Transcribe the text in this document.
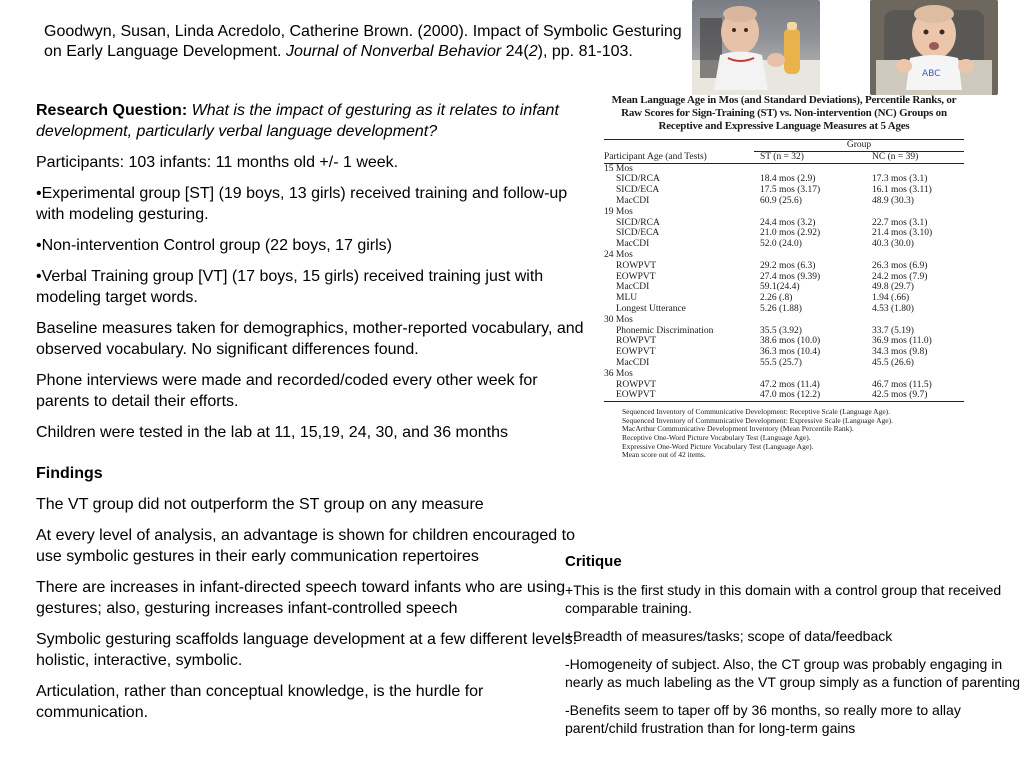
Goodwyn, Susan, Linda Acredolo, Catherine Brown. (2000). Impact of Symbolic Gesturing on Early Language Development. Journal of Nonverbal Behavior 24(2), pp. 81-103.
ABC

Research Question: What is the impact of gesturing as it relates to infant development, particularly verbal language development?

Participants: 103 infants: 11 months old +/- 1 week.

•Experimental group [ST] (19 boys, 13 girls) received training and follow-up with modeling gesturing.

•Non-intervention Control group (22 boys, 17 girls)

•Verbal Training group [VT] (17 boys, 15 girls) received training just with modeling target words.

Baseline measures taken for demographics, mother-reported vocabulary, and observed vocabulary. No significant differences found.

Phone interviews were made and recorded/coded every other week for parents to detail their efforts.

Children were tested in the lab at 11, 15,19, 24, 30, and 36 months

Findings

The VT group did not outperform the ST group on any measure

At every level of analysis, an advantage is shown for children encouraged to use symbolic gestures in their early communication repertoires

There are increases in infant-directed speech toward infants who are using gestures; also, gesturing increases infant-controlled speech

Symbolic gesturing scaffolds language development at a few different levels: holistic, interactive, symbolic.

Articulation, rather than conceptual knowledge, is the hurdle for communication.

Mean Language Age in Mos (and Standard Deviations), Percentile Ranks, or Raw Scores for Sign-Training (ST) vs. Non-intervention (NC) Groups on Receptive and Expressive Language Measures at 5 Ages
	Group	
Participant Age (and Tests)	ST (n = 32)	NC (n = 39)
15 Mos		
SICD/RCA	18.4 mos (2.9)	17.3 mos (3.1)
SICD/ECA	17.5 mos (3.17)	16.1 mos (3.11)
MacCDI	60.9 (25.6)	48.9 (30.3)
19 Mos		
SICD/RCA	24.4 mos (3.2)	22.7 mos (3.1)
SICD/ECA	21.0 mos (2.92)	21.4 mos (3.10)
MacCDI	52.0 (24.0)	40.3 (30.0)
24 Mos		
ROWPVT	29.2 mos (6.3)	26.3 mos (6.9)
EOWPVT	27.4 mos (9.39)	24.2 mos (7.9)
MacCDI	59.1(24.4)	49.8 (29.7)
MLU	2.26 (.8)	1.94 (.66)
Longest Utterance	5.26 (1.88)	4.53 (1.80)
30 Mos		
Phonemic Discrimination	35.5 (3.92)	33.7 (5.19)
ROWPVT	38.6 mos (10.0)	36.9 mos (11.0)
EOWPVT	36.3 mos (10.4)	34.3 mos (9.8)
MacCDI	55.5 (25.7)	45.5 (26.6)
36 Mos		
ROWPVT	47.2 mos (11.4)	46.7 mos (11.5)
EOWPVT	47.0 mos (12.2)	42.5 mos (9.7)
Sequenced Inventory of Communicative Development: Receptive Scale (Language Age).
Sequenced Inventory of Communicative Development: Expressive Scale (Language Age).
MacArthur Communicative Development Inventory (Mean Percentile Rank).
Receptive One-Word Picture Vocabulary Test (Language Age).
Expressive One-Word Picture Vocabulary Test (Language Age).
Mean score out of 42 items.

Critique

+This is the first study in this domain with a control group that received comparable training.

+Breadth of measures/tasks; scope of data/feedback

-Homogeneity of subject. Also, the CT group was probably engaging in nearly as much labeling as the VT group simply as a function of parenting

-Benefits seem to taper off by 36 months, so really more to allay parent/child frustration than for long-term gains
